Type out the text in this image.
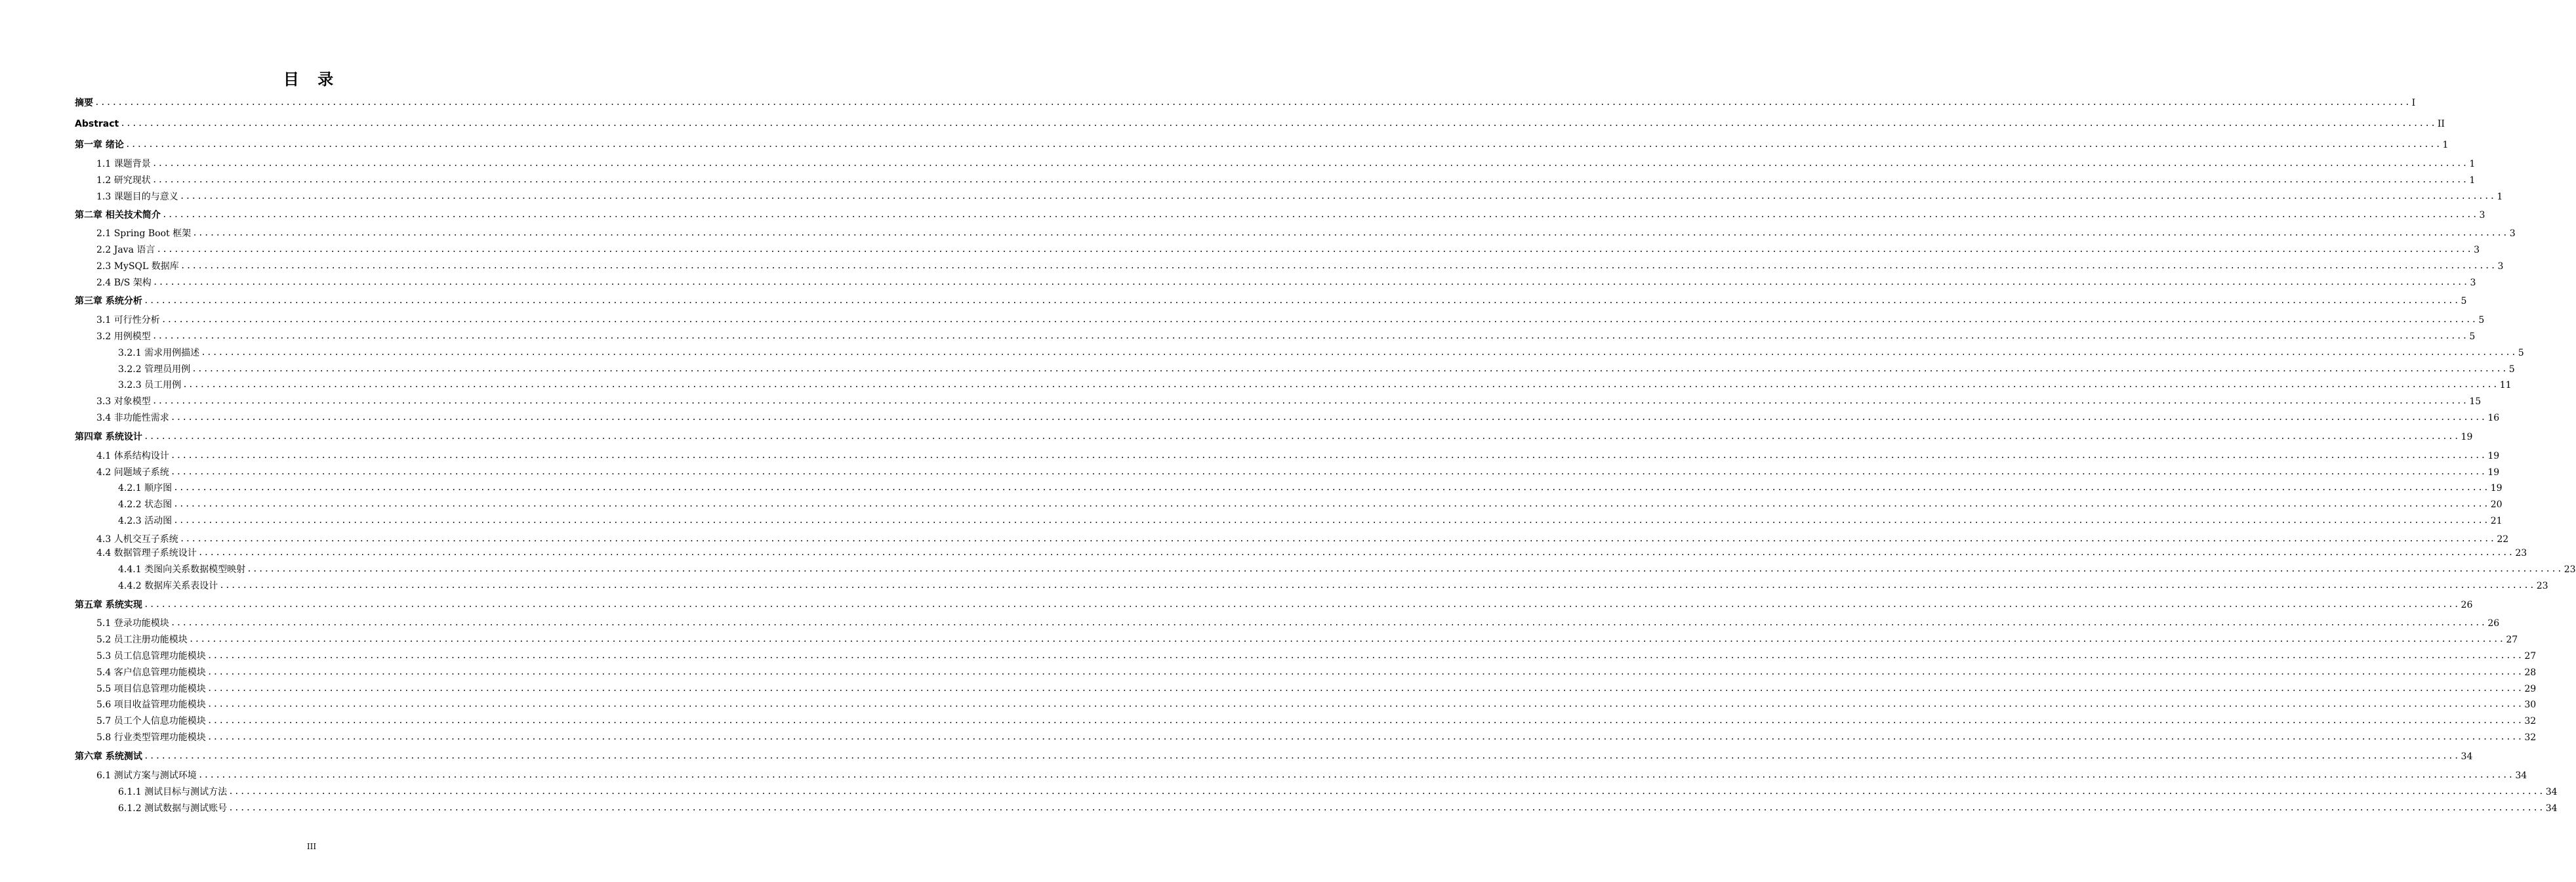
目 录
摘要 ................................................................................................................................................................................................................................................................................................................................................................................................................ I
Abstract ................................................................................................................................................................................................................................................................................................................................................................................................................ II
第一章 绪论 ................................................................................................................................................................................................................................................................................................................................................................................................................ 1
1.1 课题背景 ................................................................................................................................................................................................................................................................................................................................................................................................................ 1
1.2 研究现状 ................................................................................................................................................................................................................................................................................................................................................................................................................ 1
1.3 课题目的与意义 ................................................................................................................................................................................................................................................................................................................................................................................................................ 1
第二章 相关技术简介 ................................................................................................................................................................................................................................................................................................................................................................................................................ 3
2.1 Spring Boot 框架 ................................................................................................................................................................................................................................................................................................................................................................................................................ 3
2.2 Java 语言 ................................................................................................................................................................................................................................................................................................................................................................................................................ 3
2.3 MySQL 数据库 ................................................................................................................................................................................................................................................................................................................................................................................................................ 3
2.4 B/S 架构 ................................................................................................................................................................................................................................................................................................................................................................................................................ 3
第三章 系统分析 ................................................................................................................................................................................................................................................................................................................................................................................................................ 5
3.1 可行性分析 ................................................................................................................................................................................................................................................................................................................................................................................................................ 5
3.2 用例模型 ................................................................................................................................................................................................................................................................................................................................................................................................................ 5
3.2.1 需求用例描述 ................................................................................................................................................................................................................................................................................................................................................................................................................ 5
3.2.2 管理员用例 ................................................................................................................................................................................................................................................................................................................................................................................................................ 5
3.2.3 员工用例 ................................................................................................................................................................................................................................................................................................................................................................................................................ 11
3.3 对象模型 ................................................................................................................................................................................................................................................................................................................................................................................................................ 15
3.4 非功能性需求 ................................................................................................................................................................................................................................................................................................................................................................................................................ 16
第四章 系统设计 ................................................................................................................................................................................................................................................................................................................................................................................................................ 19
4.1 体系结构设计 ................................................................................................................................................................................................................................................................................................................................................................................................................ 19
4.2 问题域子系统 ................................................................................................................................................................................................................................................................................................................................................................................................................ 19
4.2.1 顺序图 ................................................................................................................................................................................................................................................................................................................................................................................................................ 19
4.2.2 状态图 ................................................................................................................................................................................................................................................................................................................................................................................................................ 20
4.2.3 活动图 ................................................................................................................................................................................................................................................................................................................................................................................................................ 21
4.3 人机交互子系统 ................................................................................................................................................................................................................................................................................................................................................................................................................ 22
4.4 数据管理子系统设计 ................................................................................................................................................................................................................................................................................................................................................................................................................ 23
4.4.1 类图向关系数据模型映射 ................................................................................................................................................................................................................................................................................................................................................................................................................ 23
4.4.2 数据库关系表设计 ................................................................................................................................................................................................................................................................................................................................................................................................................ 23
第五章 系统实现 ................................................................................................................................................................................................................................................................................................................................................................................................................ 26
5.1 登录功能模块 ................................................................................................................................................................................................................................................................................................................................................................................................................ 26
5.2 员工注册功能模块 ................................................................................................................................................................................................................................................................................................................................................................................................................ 27
5.3 员工信息管理功能模块 ................................................................................................................................................................................................................................................................................................................................................................................................................ 27
5.4 客户信息管理功能模块 ................................................................................................................................................................................................................................................................................................................................................................................................................ 28
5.5 项目信息管理功能模块 ................................................................................................................................................................................................................................................................................................................................................................................................................ 29
5.6 项目收益管理功能模块 ................................................................................................................................................................................................................................................................................................................................................................................................................ 30
5.7 员工个人信息功能模块 ................................................................................................................................................................................................................................................................................................................................................................................................................ 32
5.8 行业类型管理功能模块 ................................................................................................................................................................................................................................................................................................................................................................................................................ 32
第六章 系统测试 ................................................................................................................................................................................................................................................................................................................................................................................................................ 34
6.1 测试方案与测试环境 ................................................................................................................................................................................................................................................................................................................................................................................................................ 34
6.1.1 测试目标与测试方法 ................................................................................................................................................................................................................................................................................................................................................................................................................ 34
6.1.2 测试数据与测试账号 ................................................................................................................................................................................................................................................................................................................................................................................................................ 34
III
